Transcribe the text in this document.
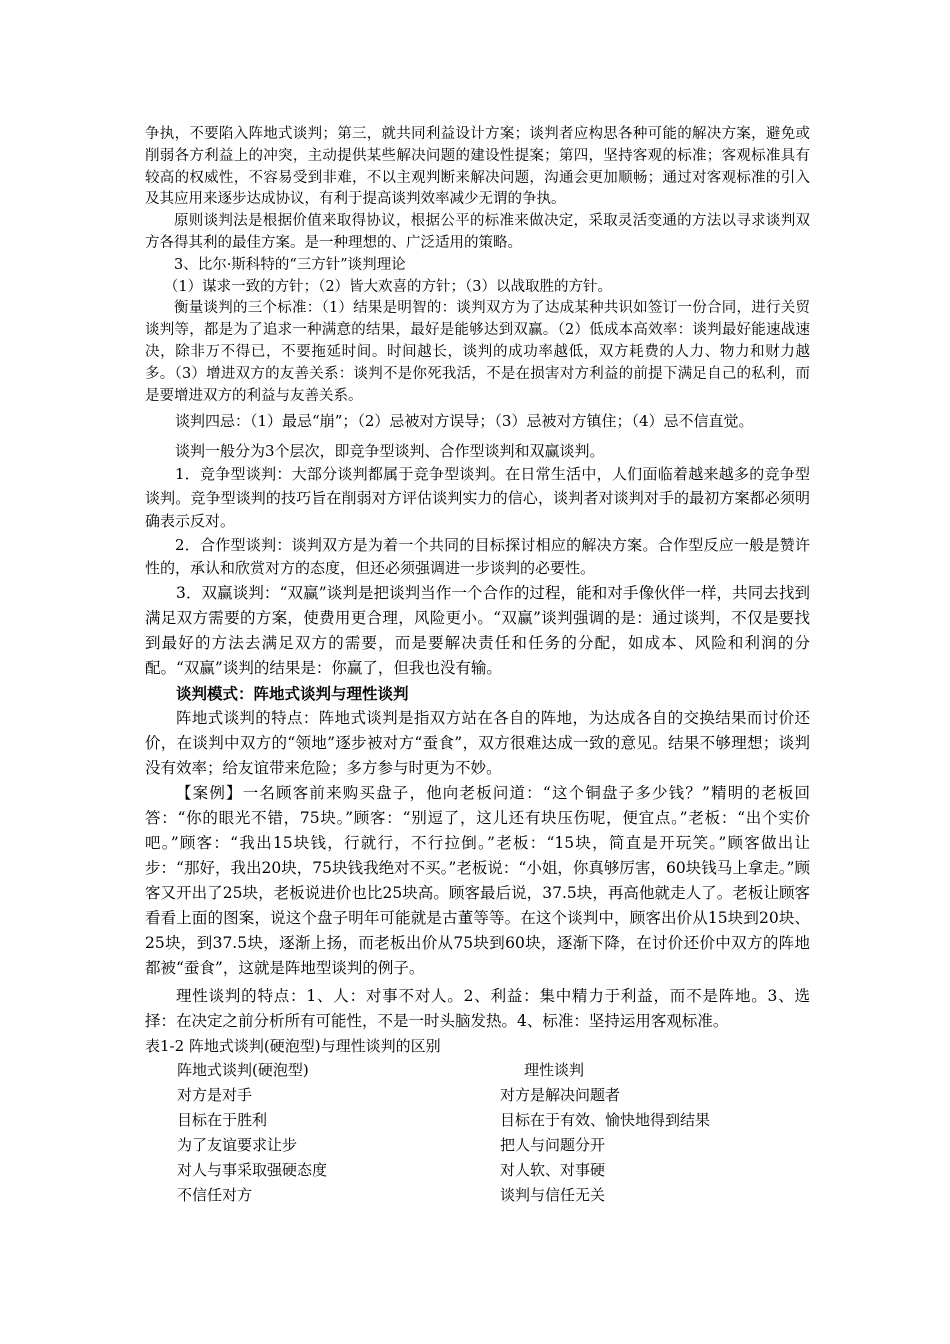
争执，不要陷入阵地式谈判；第三，就共同利益设计方案；谈判者应构思各种可能的解决方案，避免或削弱各方利益上的冲突，主动提供某些解决问题的建设性提案；第四，坚持客观的标准；客观标准具有较高的权威性，不容易受到非难，不以主观判断来解决问题，沟通会更加顺畅；通过对客观标准的引入及其应用来逐步达成协议，有利于提高谈判效率减少无谓的争执。

原则谈判法是根据价值来取得协议，根据公平的标准来做决定，采取灵活变通的方法以寻求谈判双方各得其利的最佳方案。是一种理想的、广泛适用的策略。

3、比尔·斯科特的“三方针”谈判理论

（1）谋求一致的方针；（2）皆大欢喜的方针；（3）以战取胜的方针。

衡量谈判的三个标准：（1）结果是明智的：谈判双方为了达成某种共识如签订一份合同，进行关贸谈判等，都是为了追求一种满意的结果，最好是能够达到双赢。（2）低成本高效率：谈判最好能速战速决，除非万不得已，不要拖延时间。时间越长，谈判的成功率越低，双方耗费的人力、物力和财力越多。（3）增进双方的友善关系：谈判不是你死我活，不是在损害对方利益的前提下满足自己的私利，而是要增进双方的利益与友善关系。

谈判四忌：（1）最忌“崩”；（2）忌被对方误导；（3）忌被对方镇住；（4）忌不信直觉。

谈判一般分为3个层次，即竞争型谈判、合作型谈判和双赢谈判。

1．竞争型谈判：大部分谈判都属于竞争型谈判。在日常生活中，人们面临着越来越多的竞争型谈判。竞争型谈判的技巧旨在削弱对方评估谈判实力的信心，谈判者对谈判对手的最初方案都必须明确表示反对。

2．合作型谈判：谈判双方是为着一个共同的目标探讨相应的解决方案。合作型反应一般是赞许性的，承认和欣赏对方的态度，但还必须强调进一步谈判的必要性。

3．双赢谈判：“双赢”谈判是把谈判当作一个合作的过程，能和对手像伙伴一样，共同去找到满足双方需要的方案，使费用更合理，风险更小。“双赢”谈判强调的是：通过谈判，不仅是要找到最好的方法去满足双方的需要，而是要解决责任和任务的分配，如成本、风险和利润的分配。“双赢”谈判的结果是：你赢了，但我也没有输。

谈判模式：阵地式谈判与理性谈判

阵地式谈判的特点：阵地式谈判是指双方站在各自的阵地，为达成各自的交换结果而讨价还价，在谈判中双方的“领地”逐步被对方“蚕食”，双方很难达成一致的意见。结果不够理想；谈判没有效率；给友谊带来危险；多方参与时更为不妙。

【案例】一名顾客前来购买盘子，他向老板问道：“这个铜盘子多少钱？”精明的老板回答：“你的眼光不错，75块。”顾客：“别逗了，这儿还有块压伤呢，便宜点。”老板：“出个实价吧。”顾客：“我出15块钱，行就行，不行拉倒。”老板：“15块，简直是开玩笑。”顾客做出让步：“那好，我出20块，75块钱我绝对不买。”老板说：“小姐，你真够厉害，60块钱马上拿走。”顾客又开出了25块，老板说进价也比25块高。顾客最后说，37.5块，再高他就走人了。老板让顾客看看上面的图案，说这个盘子明年可能就是古董等等。在这个谈判中，顾客出价从15块到20块、25块，到37.5块，逐渐上扬，而老板出价从75块到60块，逐渐下降，在讨价还价中双方的阵地都被“蚕食”，这就是阵地型谈判的例子。

理性谈判的特点：1、人：对事不对人。2、利益：集中精力于利益，而不是阵地。3、选择：在决定之前分析所有可能性，不是一时头脑发热。4、标准：坚持运用客观标准。

表1-2 阵地式谈判(硬泡型)与理性谈判的区别

阵地式谈判(硬泡型)	理性谈判
对方是对手	对方是解决问题者
目标在于胜利	目标在于有效、愉快地得到结果
为了友谊要求让步	把人与问题分开
对人与事采取强硬态度	对人软、对事硬
不信任对方	谈判与信任无关
